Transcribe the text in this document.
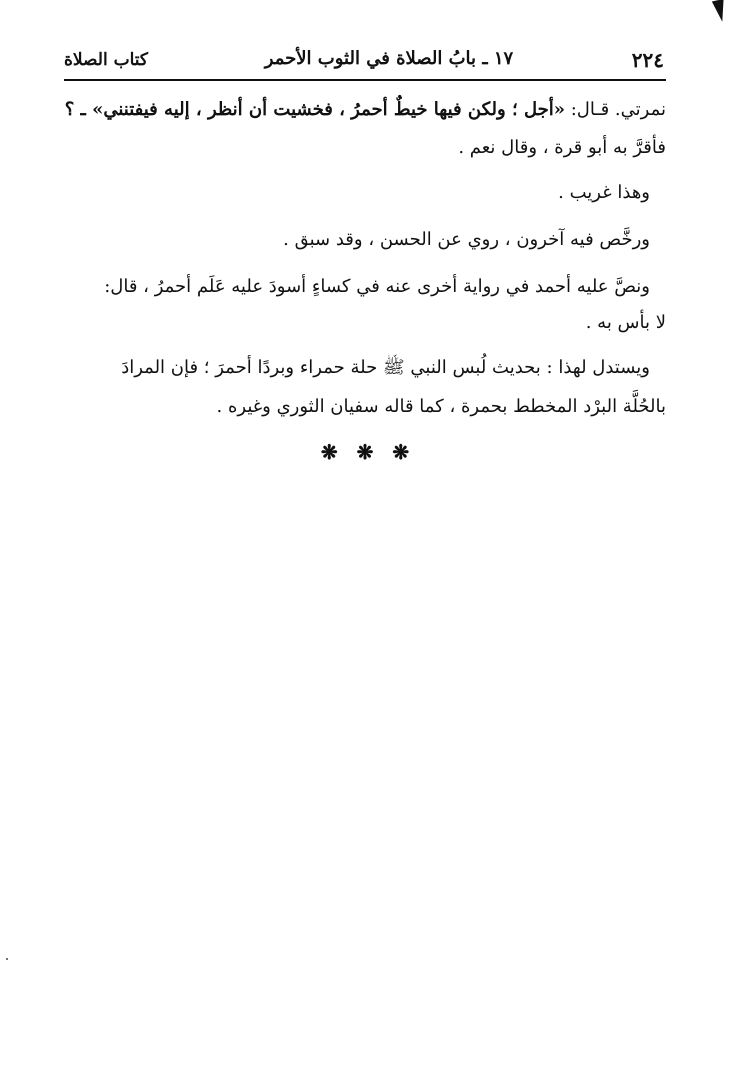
٢٢٤
١٧ ـ بابُ الصلاة في الثوب الأحمر
كتاب الصلاة
نمرتي. قـال: «أجل ؛ ولكن فيها خيطٌ أحمرُ ، فخشيت أن أنظر ، إليه فيفتنني» ـ ؟
فأقرَّ به أبو قرة ، وقال نعم .
وهذا غريب .
ورخَّص فيه آخرون ، روي عن الحسن ، وقد سبق .
ونصَّ عليه أحمد في رواية أخرى عنه في كساءٍ أسودَ عليه عَلَم أحمرُ ، قال:
لا بأس به .
ويستدل لهذا : بحديث لُبس النبي ﷺ حلة حمراء وبردًا أحمرَ ؛ فإن المرادَ
بالحُلَّة البرْد المخطط بحمرة ، كما قاله سفيان الثوري وغيره .
❋ ❋ ❋
